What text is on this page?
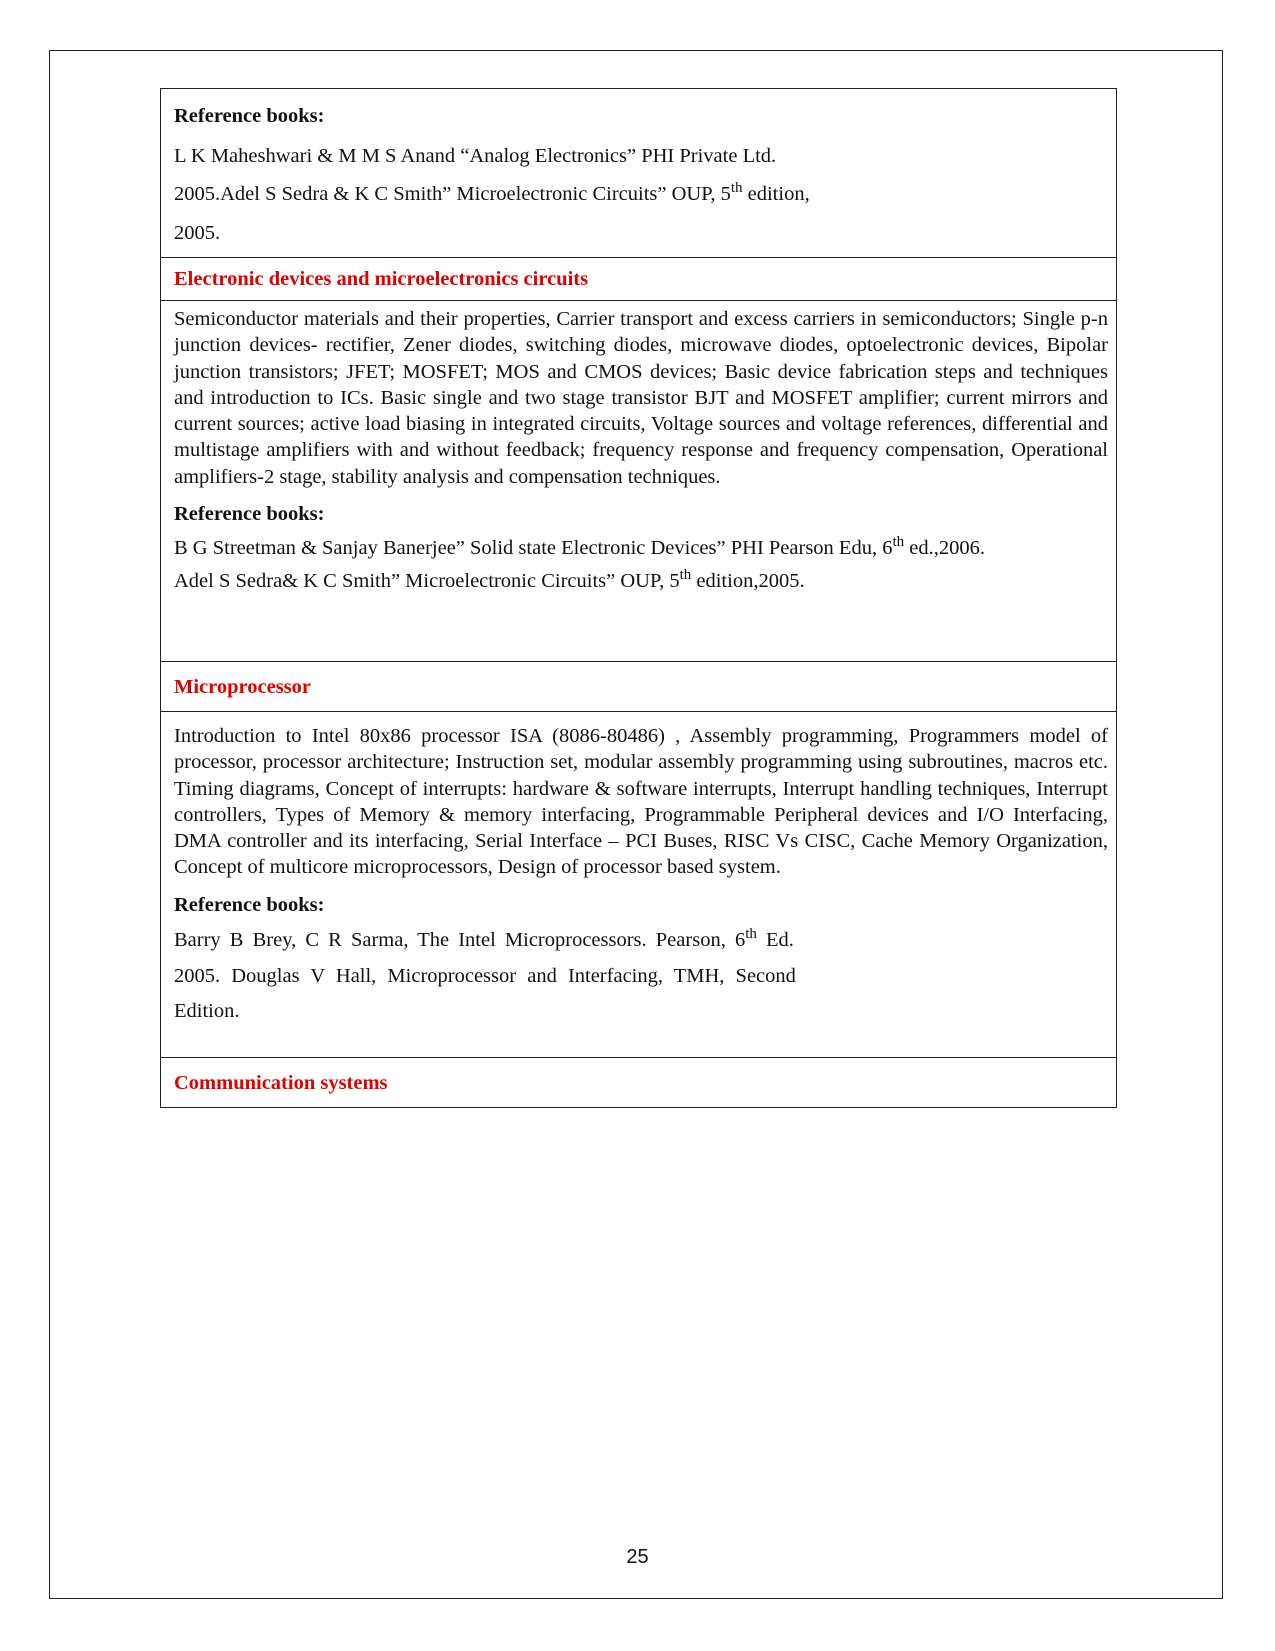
Reference books:

L K Maheshwari & M M S Anand “Analog Electronics” PHI Private Ltd.

2005.Adel S Sedra & K C Smith” Microelectronic Circuits” OUP, 5th edition,

2005.

Electronic devices and microelectronics circuits

Semiconductor materials and their properties, Carrier transport and excess carriers in semiconductors; Single p-n junction devices- rectifier, Zener diodes, switching diodes, microwave diodes, optoelectronic devices, Bipolar junction transistors; JFET; MOSFET; MOS and CMOS devices; Basic device fabrication steps and techniques and introduction to ICs. Basic single and two stage transistor BJT and MOSFET amplifier; current mirrors and current sources; active load biasing in integrated circuits, Voltage sources and voltage references, differential and multistage amplifiers with and without feedback; frequency response and frequency compensation, Operational amplifiers-2 stage, stability analysis and compensation techniques.

Reference books:

B G Streetman & Sanjay Banerjee” Solid state Electronic Devices” PHI Pearson Edu, 6th ed.,2006.

Adel S Sedra& K C Smith” Microelectronic Circuits” OUP, 5th edition,2005.

Microprocessor

Introduction to Intel 80x86 processor ISA (8086-80486) , Assembly programming, Programmers model of processor, processor architecture; Instruction set, modular assembly programming using subroutines, macros etc. Timing diagrams, Concept of interrupts: hardware & software interrupts, Interrupt handling techniques, Interrupt controllers, Types of Memory & memory interfacing, Programmable Peripheral devices and I/O Interfacing, DMA controller and its interfacing, Serial Interface – PCI Buses, RISC Vs CISC, Cache Memory Organization, Concept of multicore microprocessors, Design of processor based system.

Reference books:

Barry B Brey, C R Sarma, The Intel Microprocessors. Pearson, 6th Ed.

2005. Douglas V Hall, Microprocessor and Interfacing, TMH, Second

Edition.

Communication systems
25
